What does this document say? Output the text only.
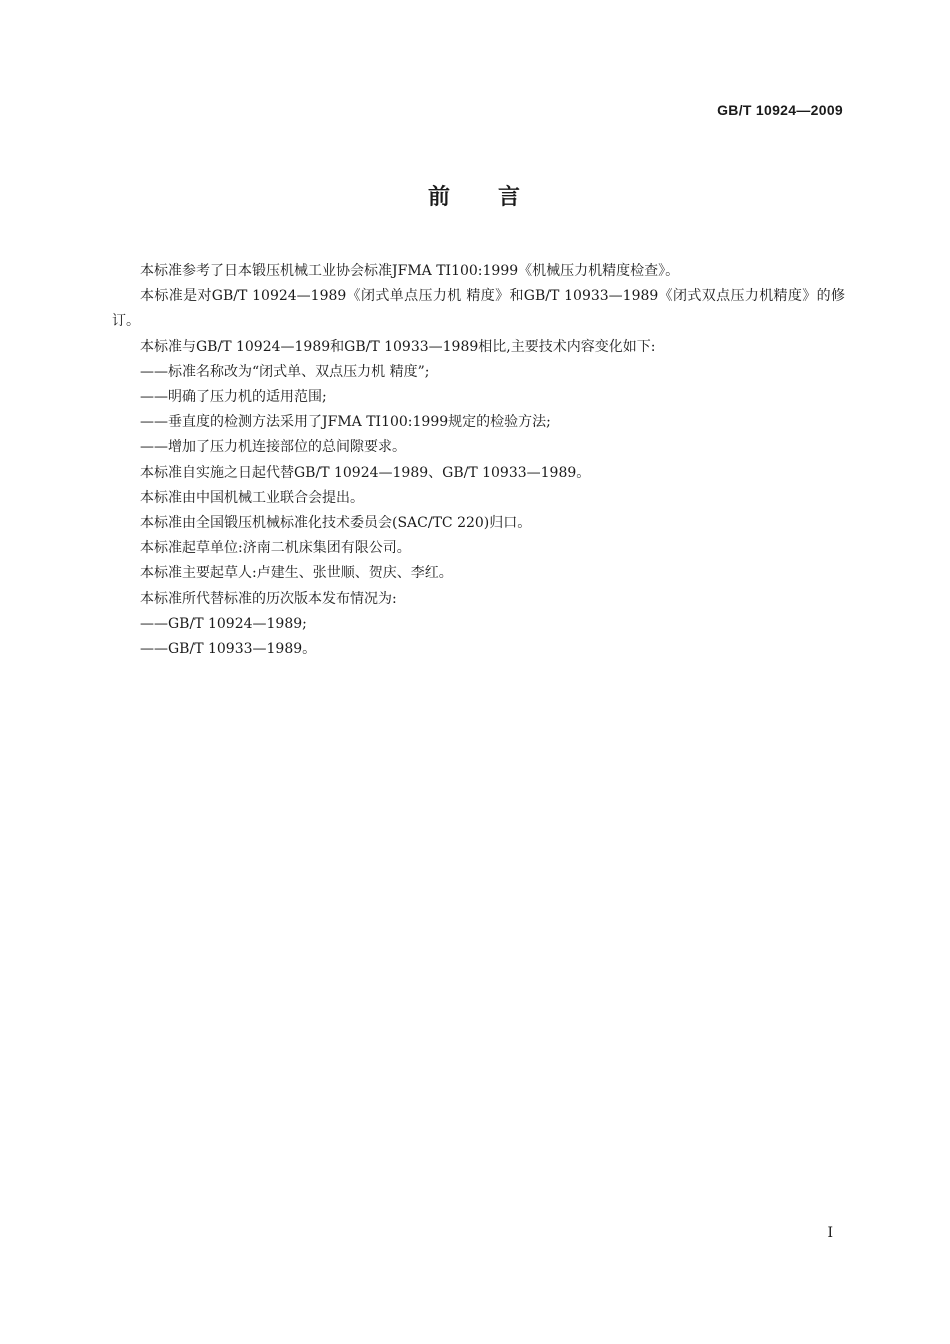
GB/T 10924—2009
前 言

本标准参考了日本锻压机械工业协会标准JFMA TⅠ100:1999《机械压力机精度检查》。

本标准是对GB/T 10924—1989《闭式单点压力机 精度》和GB/T 10933—1989《闭式双点压力机精度》的修订。

本标准与GB/T 10924—1989和GB/T 10933—1989相比,主要技术内容变化如下:

——标准名称改为“闭式单、双点压力机 精度”;

——明确了压力机的适用范围;

——垂直度的检测方法采用了JFMA TⅠ100:1999规定的检验方法;

——增加了压力机连接部位的总间隙要求。

本标准自实施之日起代替GB/T 10924—1989、GB/T 10933—1989。

本标准由中国机械工业联合会提出。

本标准由全国锻压机械标准化技术委员会(SAC/TC 220)归口。

本标准起草单位:济南二机床集团有限公司。

本标准主要起草人:卢建生、张世顺、贺庆、李红。

本标准所代替标准的历次版本发布情况为:

——GB/T 10924—1989;

——GB/T 10933—1989。

I
